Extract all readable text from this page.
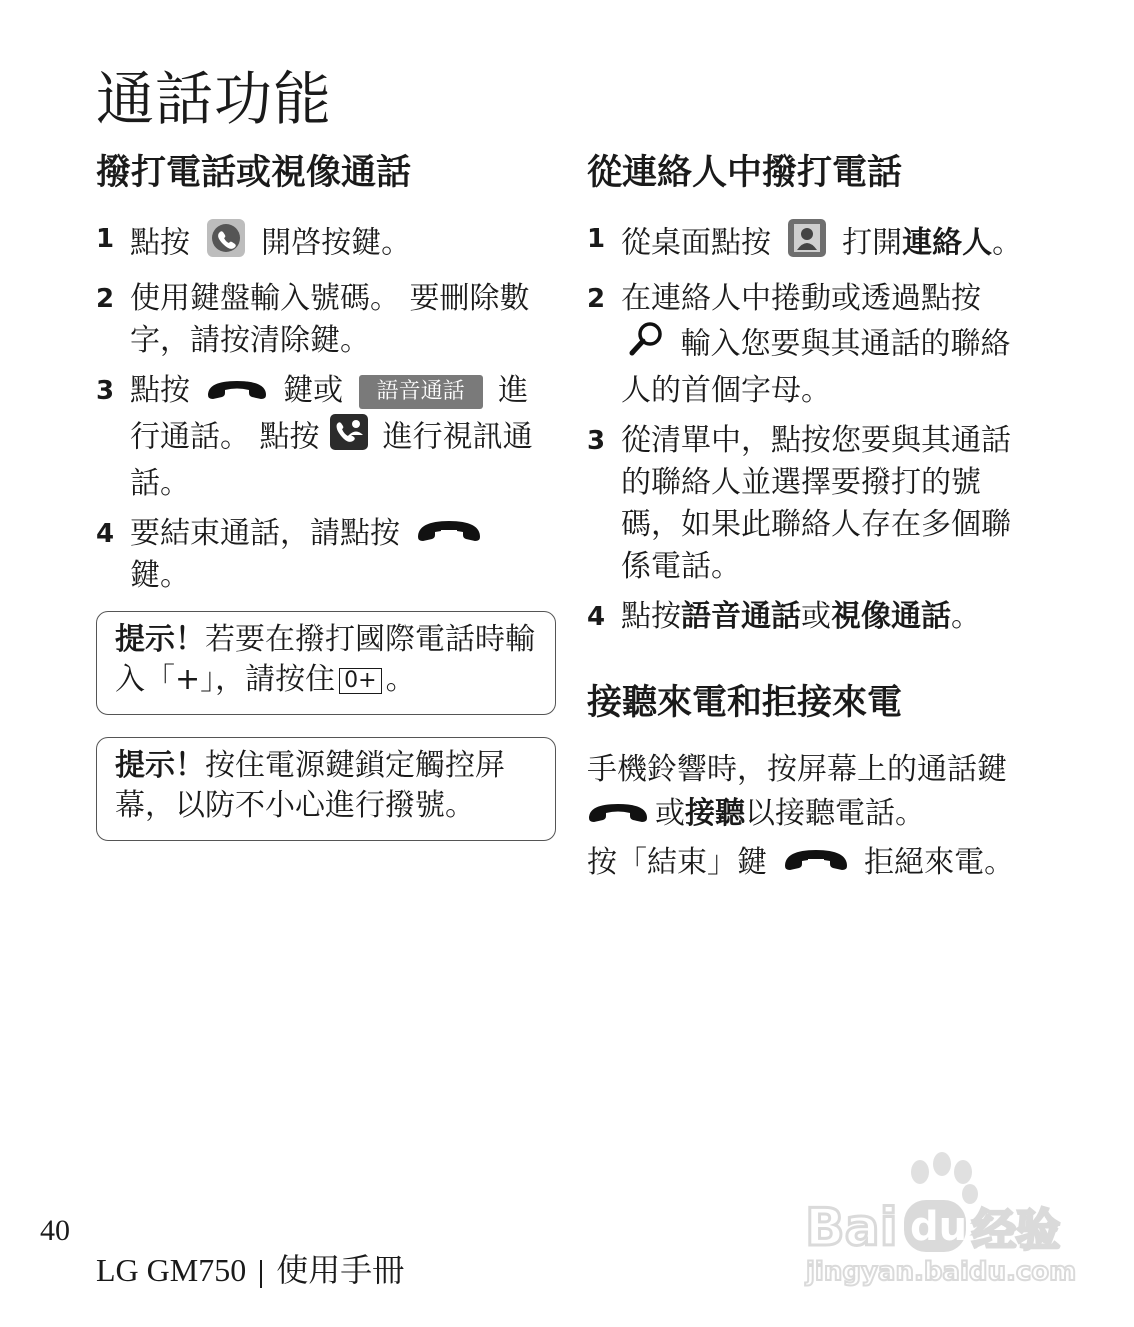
通話功能
撥打電話或視像通話
1 點按 開啓按鍵。
2 使用鍵盤輸入號碼。 要刪除數字，請按清除鍵。
3 點按	鍵或 語音通話 進行通話。 點按 進行視訊通話。
4 要結束通話，請點按  鍵。
提示！若要在撥打國際電話時輸入「+」，請按住 0+ 。
提示！按住電源鍵鎖定觸控屏幕，以防不小心進行撥號。
從連絡人中撥打電話
1 從桌面點按 打開連絡人。
2 在連絡人中捲動或透過點按  輸入您要與其通話的聯絡人的首個字母。
3 從清單中，點按您要與其通話的聯絡人並選擇要撥打的號碼，如果此聯絡人存在多個聯係電話。
4 點按語音通話或視像通話。
接聽來電和拒接來電

手機鈴響時，按屏幕上的通話鍵 或接聽以接聽電話。

按「結束」鍵	拒絕來電。

40
LG GM750 使用手冊
Bai du 经验
jingyan.baidu.com
